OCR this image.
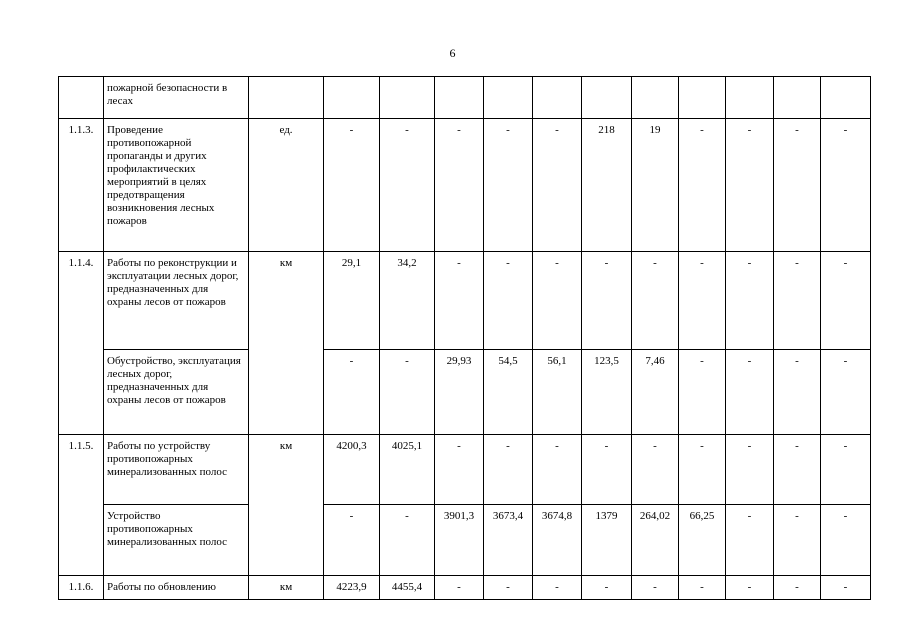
6
	пожарной безопасности в лесах												
1.1.3.	Проведение противопожарной пропаганды и других профилактических мероприятий в целях предотвращения возникновения лесных пожаров	ед.	-	-	-	-	-	218	19	-	-	-	-
1.1.4.	Работы по реконструкции и эксплуатации лесных дорог, предназначенных для охраны лесов от пожаров	км	29,1	34,2	-	-	-	-	-	-	-	-	-
	Обустройство, эксплуатация лесных дорог, предназначенных для охраны лесов от пожаров		-	-	29,93	54,5	56,1	123,5	7,46	-	-	-	-
1.1.5.	Работы по устройству противопожарных минерализованных полос	км	4200,3	4025,1	-	-	-	-	-	-	-	-	-
	Устройство противопожарных минерализованных полос		-	-	3901,3	3673,4	3674,8	1379	264,02	66,25	-	-	-
1.1.6.	Работы по обновлению	км	4223,9	4455,4	-	-	-	-	-	-	-	-	-
